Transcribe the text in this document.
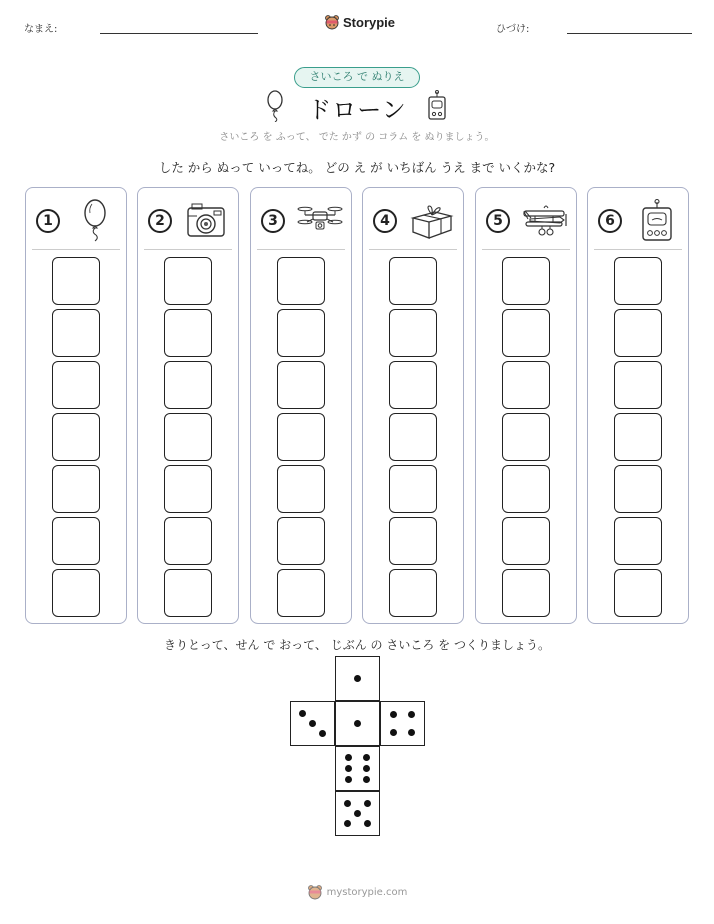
なまえ:	Storypie	ひづけ:
さいころ で ぬりえ
ドローン
さいころ を ふって、 でた かず の コラム を ぬりましょう。
した から ぬって いってね。 どの え が いちばん うえ まで いくかな?
1	2	3	4	5	6
きりとって、せん で おって、 じぶん の さいころ を つくりましょう。
mystorypie.com
